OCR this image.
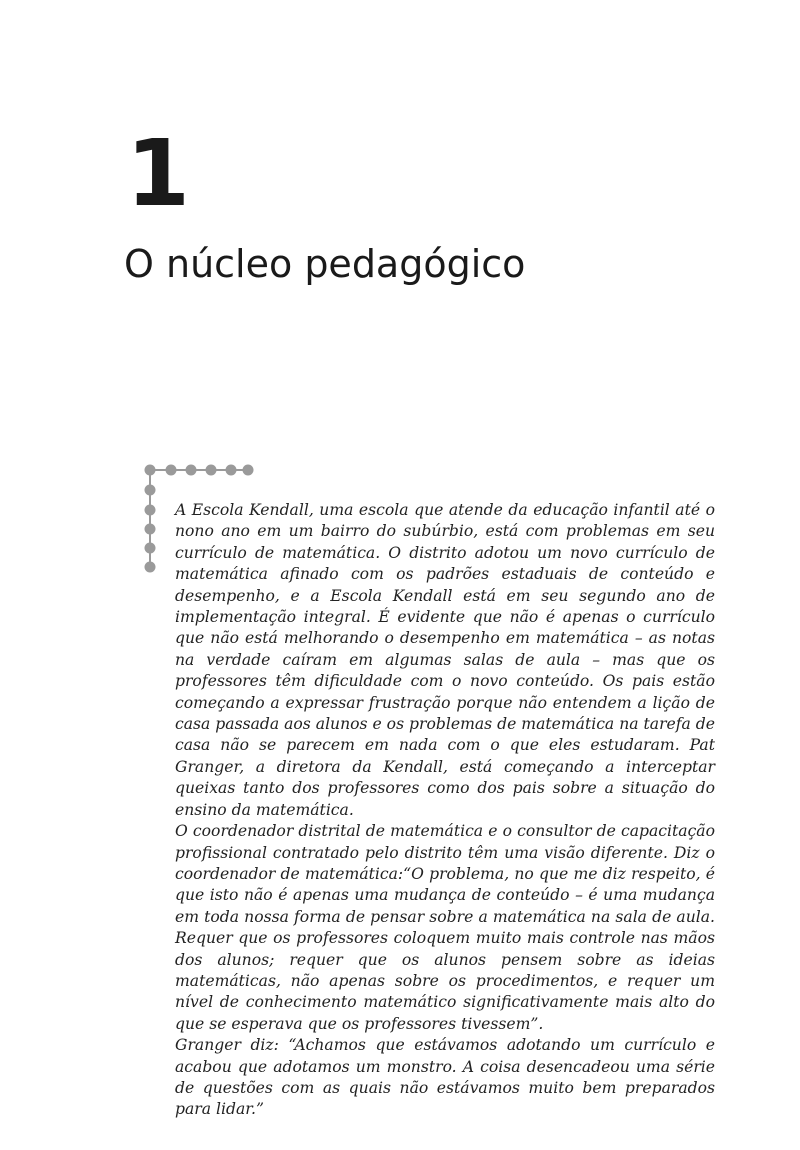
1
O núcleo pedagógico

A Escola Kendall, uma escola que atende da educação infantil até o nono ano em um bairro do subúrbio, está com problemas em seu currículo de matemática. O distrito adotou um novo currículo de matemática afinado com os padrões estaduais de conteúdo e desempenho, e a Escola Kendall está em seu segundo ano de implementação integral. É evidente que não é apenas o currículo que não está melhorando o desempenho em matemática – as notas na verdade caíram em algumas salas de aula – mas que os professores têm dificuldade com o novo conteúdo. Os pais estão começando a expressar frustração porque não entendem a lição de casa passada aos alunos e os problemas de matemática na tarefa de casa não se parecem em nada com o que eles estudaram. Pat Granger, a diretora da Kendall, está começando a interceptar queixas tanto dos professores como dos pais sobre a situação do ensino da matemática.

O coordenador distrital de matemática e o consultor de capacitação profissional contratado pelo distrito têm uma visão diferente. Diz o coordenador de matemática:“O problema, no que me diz respeito, é que isto não é apenas uma mudança de conteúdo – é uma mudança em toda nossa forma de pensar sobre a matemática na sala de aula. Requer que os professores coloquem muito mais controle nas mãos dos alunos; requer que os alunos pensem sobre as ideias matemáticas, não apenas sobre os procedimentos, e requer um nível de conhecimento matemático significativamente mais alto do que se esperava que os professores tivessem”.

Granger diz: “Achamos que estávamos adotando um currículo e acabou que adotamos um monstro. A coisa desencadeou uma série de questões com as quais não estávamos muito bem preparados para lidar.”
